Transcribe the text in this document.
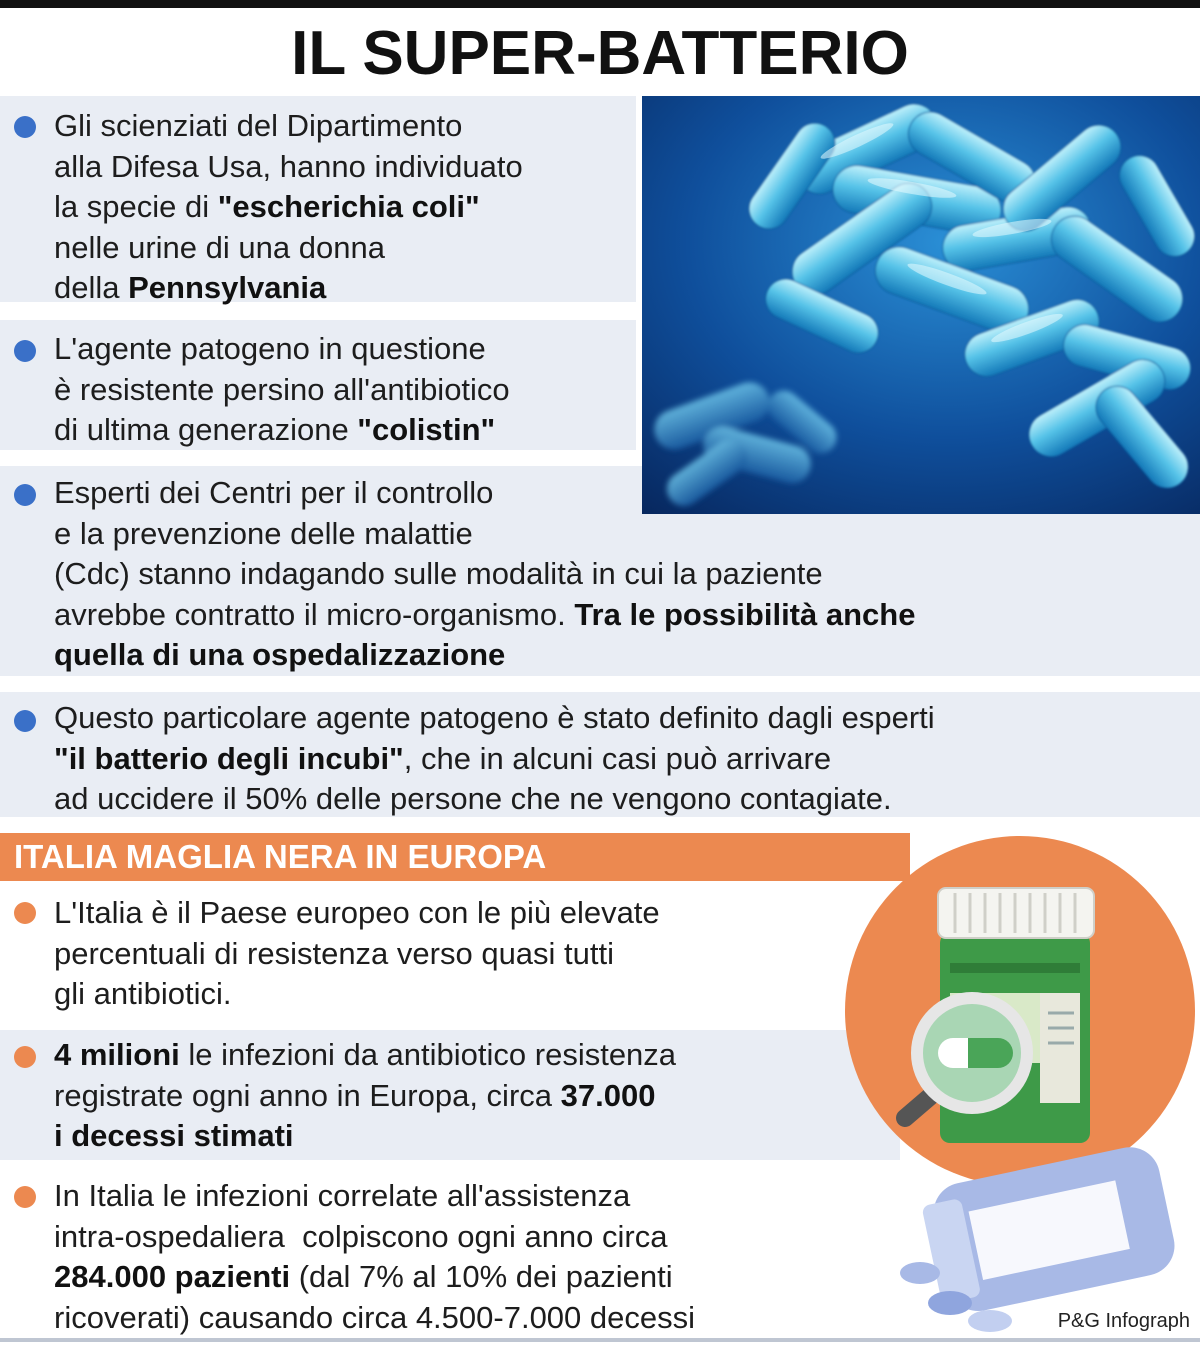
IL SUPER-BATTERIO
Gli scienziati del Dipartimento
alla Difesa Usa, hanno individuato
la specie di "escherichia coli"
nelle urine di una donna
della Pennsylvania
L'agente patogeno in questione
è resistente persino all'antibiotico
di ultima generazione "colistin"
Esperti dei Centri per il controllo
e la prevenzione delle malattie
(Cdc) stanno indagando sulle modalità in cui la paziente
avrebbe contratto il micro-organismo. Tra le possibilità anche
quella di una ospedalizzazione
Questo particolare agente patogeno è stato definito dagli esperti
"il batterio degli incubi", che in alcuni casi può arrivare
ad uccidere il 50% delle persone che ne vengono contagiate.
ITALIA MAGLIA NERA IN EUROPA
L'Italia è il Paese europeo con le più elevate
percentuali di resistenza verso quasi tutti
gli antibiotici.
4 milioni le infezioni da antibiotico resistenza
registrate ogni anno in Europa, circa 37.000
i decessi stimati
In Italia le infezioni correlate all'assistenza
intra-ospedaliera  colpiscono ogni anno circa
284.000 pazienti (dal 7% al 10% dei pazienti
ricoverati) causando circa 4.500-7.000 decessi	P&G Infograph
